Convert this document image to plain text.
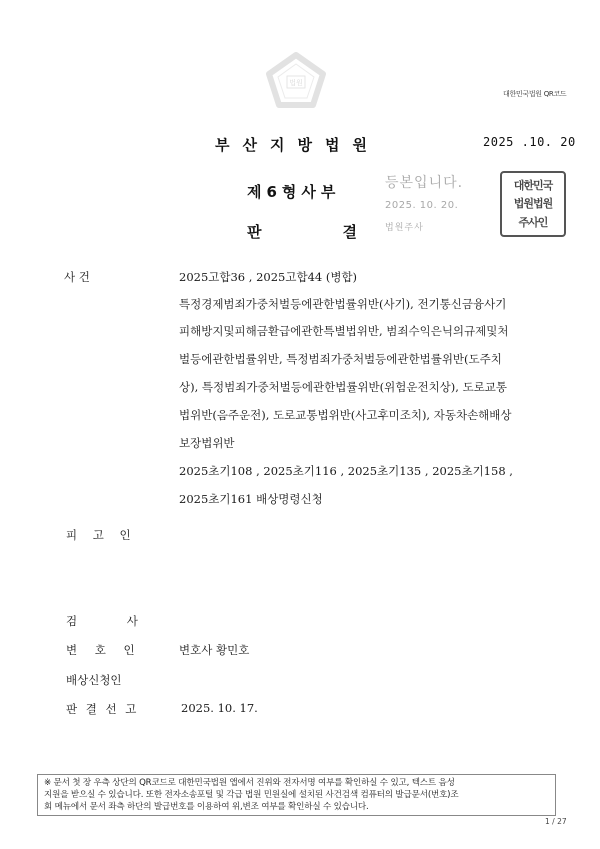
법원
대한민국법원 QR코드
부산지방법원	2025 .10. 20
제6형사부
판	결
등본입니다.
2025. 10. 20.
법원주사
대한민국
법원법원
주사인
사 건	2025고합36 , 2025고합44 (병합)
특정경제범죄가중처벌등에관한법률위반(사기), 전기통신금융사기
피해방지및피해금환급에관한특별법위반, 범죄수익은닉의규제및처
벌등에관한법률위반, 특정범죄가중처벌등에관한법률위반(도주치
상), 특정범죄가중처벌등에관한법률위반(위험운전치상), 도로교통
법위반(음주운전), 도로교통법위반(사고후미조치), 자동차손해배상
보장법위반
2025초기108 , 2025초기116 , 2025초기135 , 2025초기158 ,
2025초기161 배상명령신청
피 고 인
검 사
변 호 인	변호사 황민호
배상신청인
판 결 선 고	2025. 10. 17.
※ 문서 첫 장 우측 상단의 QR코드로 대한민국법원 앱에서 진위와 전자서명 여부를 확인하실 수 있고, 텍스트 음성
지원을 받으실 수 있습니다. 또한 전자소송포털 및 각급 법원 민원실에 설치된 사건검색 컴퓨터의 발급문서(번호)조
회 메뉴에서 문서 좌측 하단의 발급번호를 이용하여 위,변조 여부를 확인하실 수 있습니다.
1 / 27
